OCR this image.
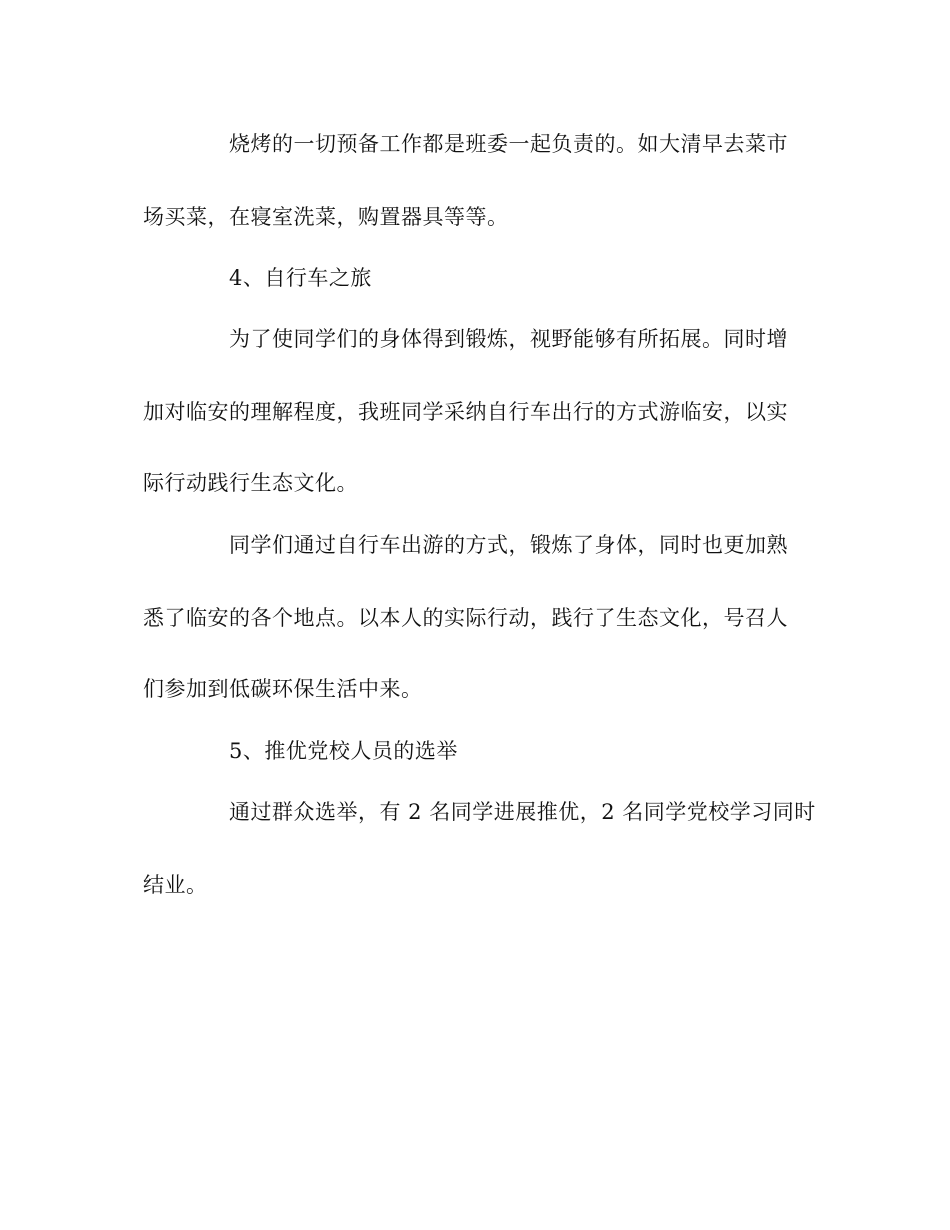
烧烤的一切预备工作都是班委一起负责的。如大清早去菜市

场买菜，在寝室洗菜，购置器具等等。

4、自行车之旅

为了使同学们的身体得到锻炼，视野能够有所拓展。同时增

加对临安的理解程度，我班同学采纳自行车出行的方式游临安，以实

际行动践行生态文化。

同学们通过自行车出游的方式，锻炼了身体，同时也更加熟

悉了临安的各个地点。以本人的实际行动，践行了生态文化，号召人

们参加到低碳环保生活中来。

5、推优党校人员的选举

通过群众选举，有 2 名同学进展推优，2 名同学党校学习同时

结业。
